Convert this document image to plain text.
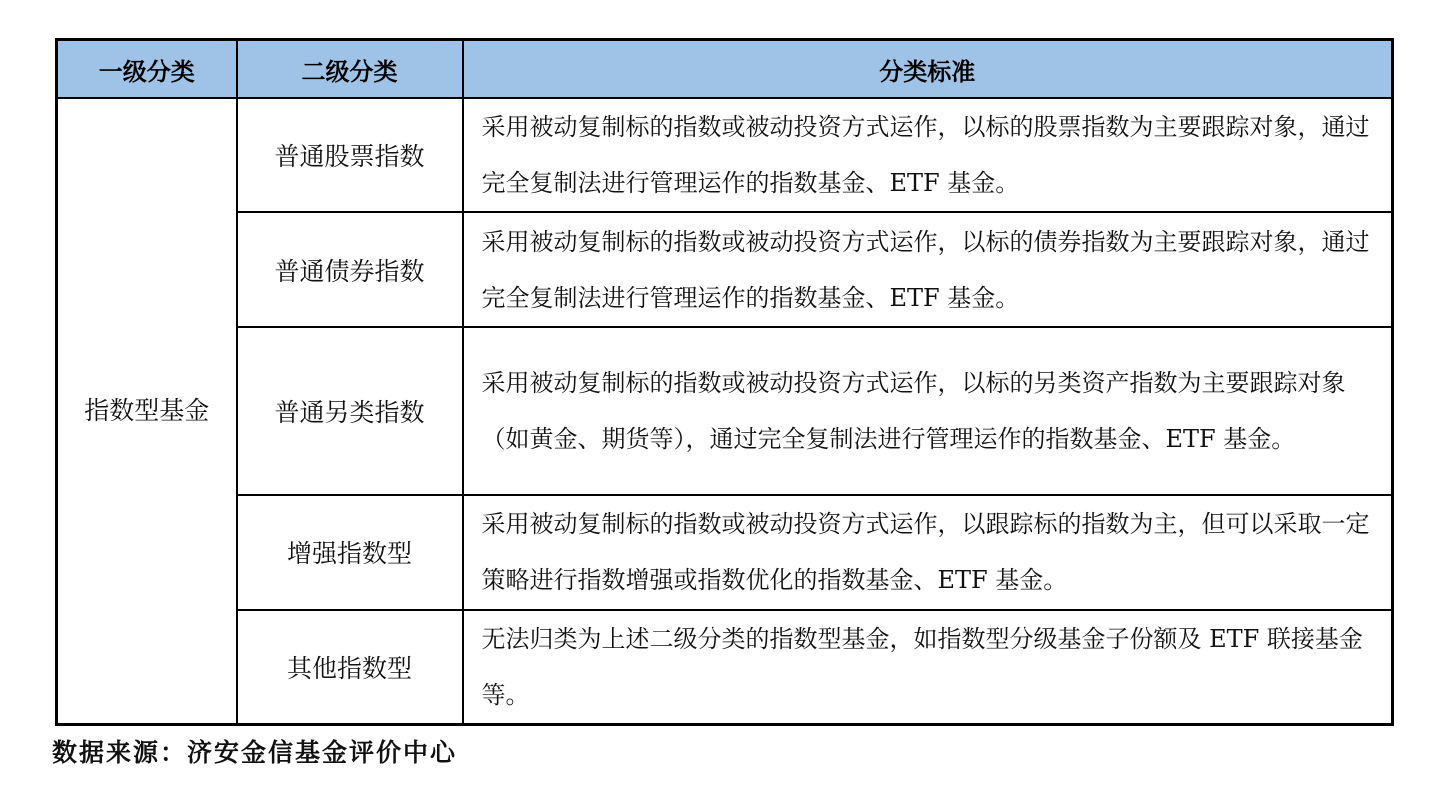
一级分类	二级分类	分类标准
指数型基金	普通股票指数	采用被动复制标的指数或被动投资方式运作，以标的股票指数为主要跟踪对象，通过完全复制法进行管理运作的指数基金、ETF 基金。
	普通债券指数	采用被动复制标的指数或被动投资方式运作，以标的债券指数为主要跟踪对象，通过完全复制法进行管理运作的指数基金、ETF 基金。
	普通另类指数	采用被动复制标的指数或被动投资方式运作，以标的另类资产指数为主要跟踪对象（如黄金、期货等），通过完全复制法进行管理运作的指数基金、ETF 基金。
	增强指数型	采用被动复制标的指数或被动投资方式运作，以跟踪标的指数为主，但可以采取一定策略进行指数增强或指数优化的指数基金、ETF 基金。
	其他指数型	无法归类为上述二级分类的指数型基金，如指数型分级基金子份额及 ETF 联接基金等。
数据来源：济安金信基金评价中心
